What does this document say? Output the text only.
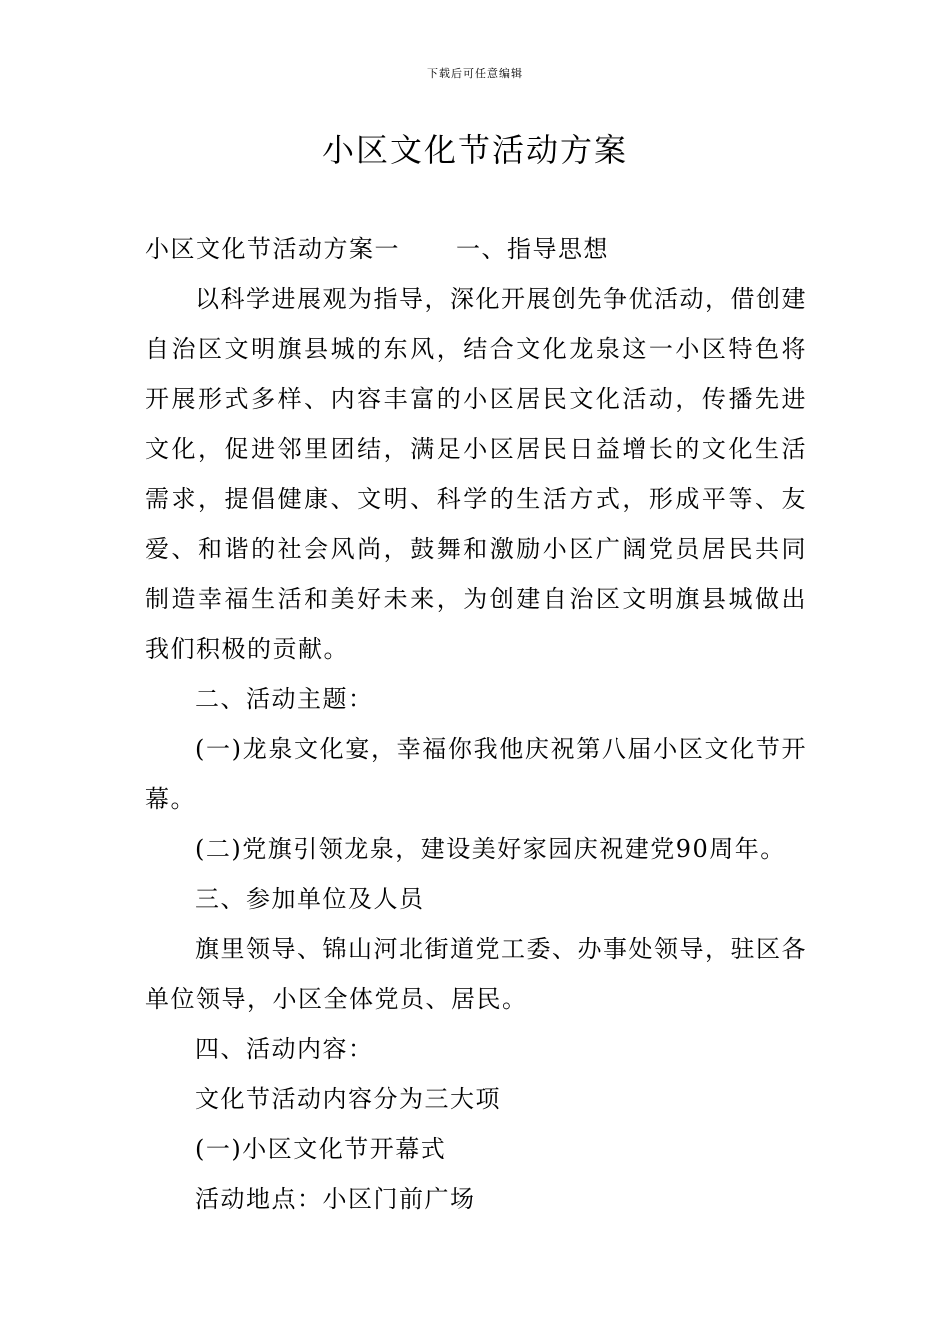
下载后可任意编辑
小区文化节活动方案

小区文化节活动方案一 一、指导思想

以科学进展观为指导，深化开展创先争优活动，借创建自治区文明旗县城的东风，结合文化龙泉这一小区特色将开展形式多样、内容丰富的小区居民文化活动，传播先进文化，促进邻里团结，满足小区居民日益增长的文化生活需求，提倡健康、文明、科学的生活方式，形成平等、友爱、和谐的社会风尚，鼓舞和激励小区广阔党员居民共同制造幸福生活和美好未来，为创建自治区文明旗县城做出我们积极的贡献。

二、活动主题：

(一)龙泉文化宴，幸福你我他庆祝第八届小区文化节开幕。

(二)党旗引领龙泉，建设美好家园庆祝建党90周年。

三、参加单位及人员

旗里领导、锦山河北街道党工委、办事处领导，驻区各单位领导，小区全体党员、居民。

四、活动内容：

文化节活动内容分为三大项

(一)小区文化节开幕式

活动地点：小区门前广场
